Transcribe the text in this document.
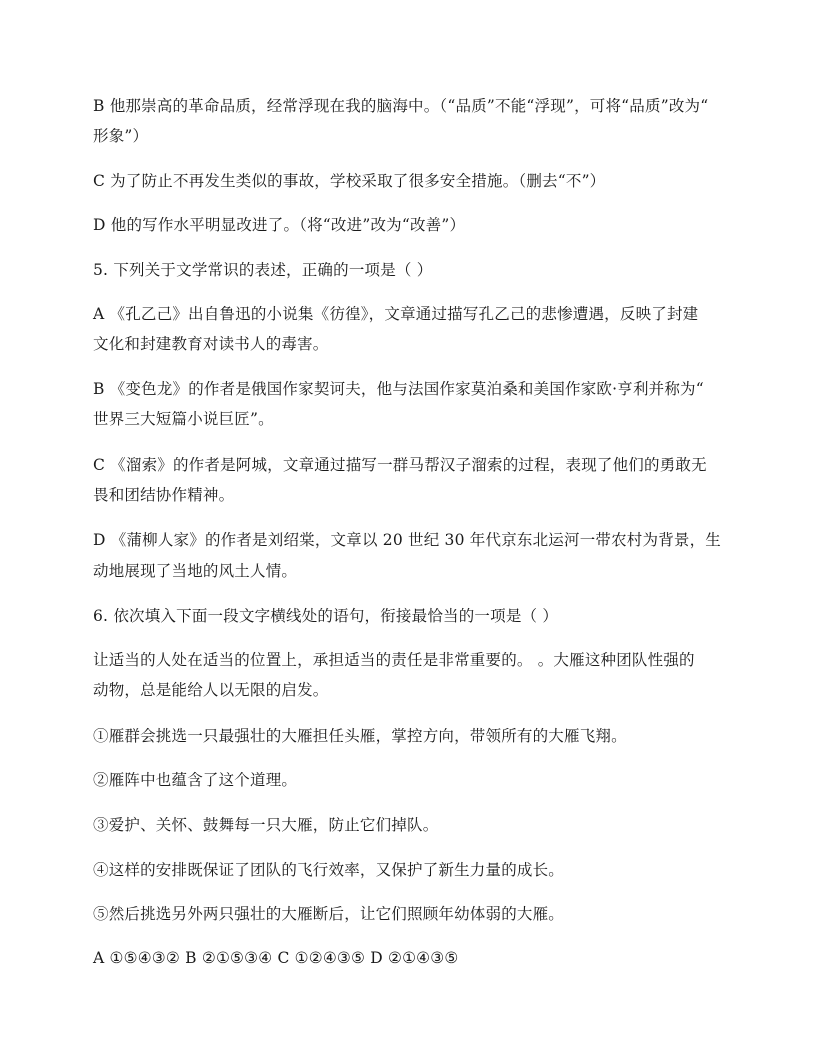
B 他那崇高的革命品质，经常浮现在我的脑海中。（“品质”不能“浮现”，可将“品质”改为“
形象”）
C 为了防止不再发生类似的事故，学校采取了很多安全措施。（删去“不”）
D 他的写作水平明显改进了。（将“改进”改为“改善”）
5. 下列关于文学常识的表述，正确的一项是（ ）
A 《孔乙己》出自鲁迅的小说集《彷徨》，文章通过描写孔乙己的悲惨遭遇，反映了封建
文化和封建教育对读书人的毒害。
B 《变色龙》的作者是俄国作家契诃夫，他与法国作家莫泊桑和美国作家欧·亨利并称为“
世界三大短篇小说巨匠”。
C 《溜索》的作者是阿城，文章通过描写一群马帮汉子溜索的过程，表现了他们的勇敢无
畏和团结协作精神。
D 《蒲柳人家》的作者是刘绍棠，文章以 20 世纪 30 年代京东北运河一带农村为背景，生
动地展现了当地的风土人情。
6. 依次填入下面一段文字横线处的语句，衔接最恰当的一项是（ ）
让适当的人处在适当的位置上，承担适当的责任是非常重要的。 。大雁这种团队性强的
动物，总是能给人以无限的启发。
①雁群会挑选一只最强壮的大雁担任头雁，掌控方向，带领所有的大雁飞翔。
②雁阵中也蕴含了这个道理。
③爱护、关怀、鼓舞每一只大雁，防止它们掉队。
④这样的安排既保证了团队的飞行效率，又保护了新生力量的成长。
⑤然后挑选另外两只强壮的大雁断后，让它们照顾年幼体弱的大雁。
A ①⑤④③② B ②①⑤③④ C ①②④③⑤ D ②①④③⑤
